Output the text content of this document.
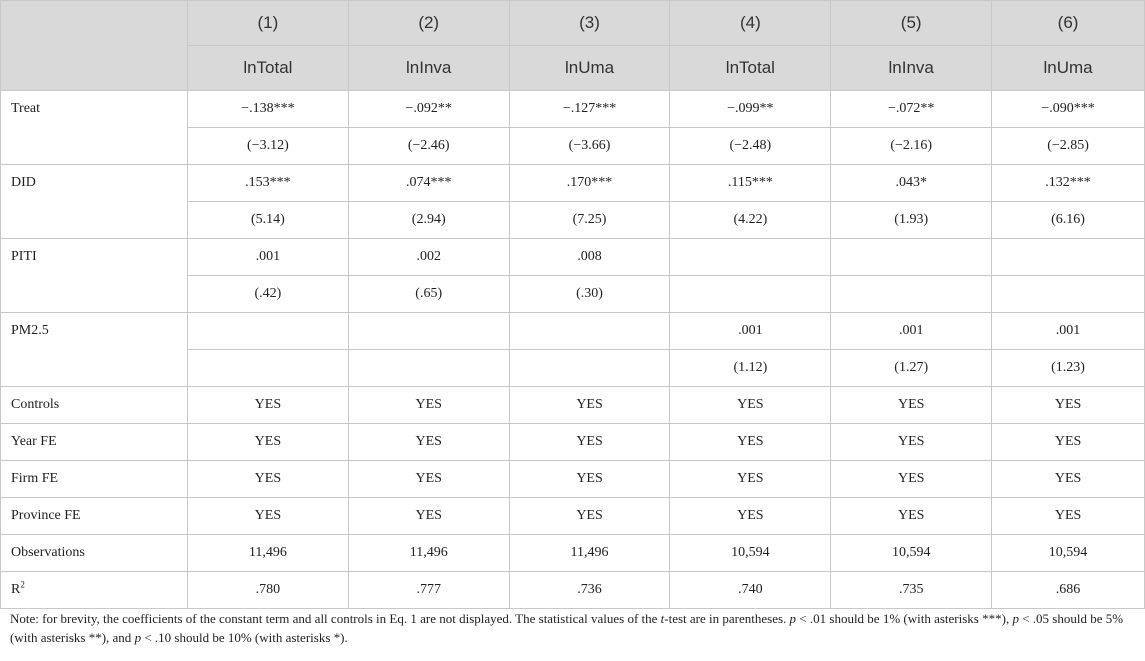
	(1)	(2)	(3)	(4)	(5)	(6)
	lnTotal	lnInva	lnUma	lnTotal	lnInva	lnUma
Treat	−.138***	−.092**	−.127***	−.099**	−.072**	−.090***
	(−3.12)	(−2.46)	(−3.66)	(−2.48)	(−2.16)	(−2.85)
DID	.153***	.074***	.170***	.115***	.043*	.132***
	(5.14)	(2.94)	(7.25)	(4.22)	(1.93)	(6.16)
PITI	.001	.002	.008			
	(.42)	(.65)	(.30)			
PM2.5				.001	.001	.001
				(1.12)	(1.27)	(1.23)
Controls	YES	YES	YES	YES	YES	YES
Year FE	YES	YES	YES	YES	YES	YES
Firm FE	YES	YES	YES	YES	YES	YES
Province FE	YES	YES	YES	YES	YES	YES
Observations	11,496	11,496	11,496	10,594	10,594	10,594
$R^2$	.780	.777	.736	.740	.735	.686
Note: for brevity, the coefficients of the constant term and all controls in Eq. 1 are not displayed. The statistical values of the t-test are in parentheses. p < .01 should be 1% (with asterisks ***), p < .05 should be 5% (with asterisks **), and p < .10 should be 10% (with asterisks *).
